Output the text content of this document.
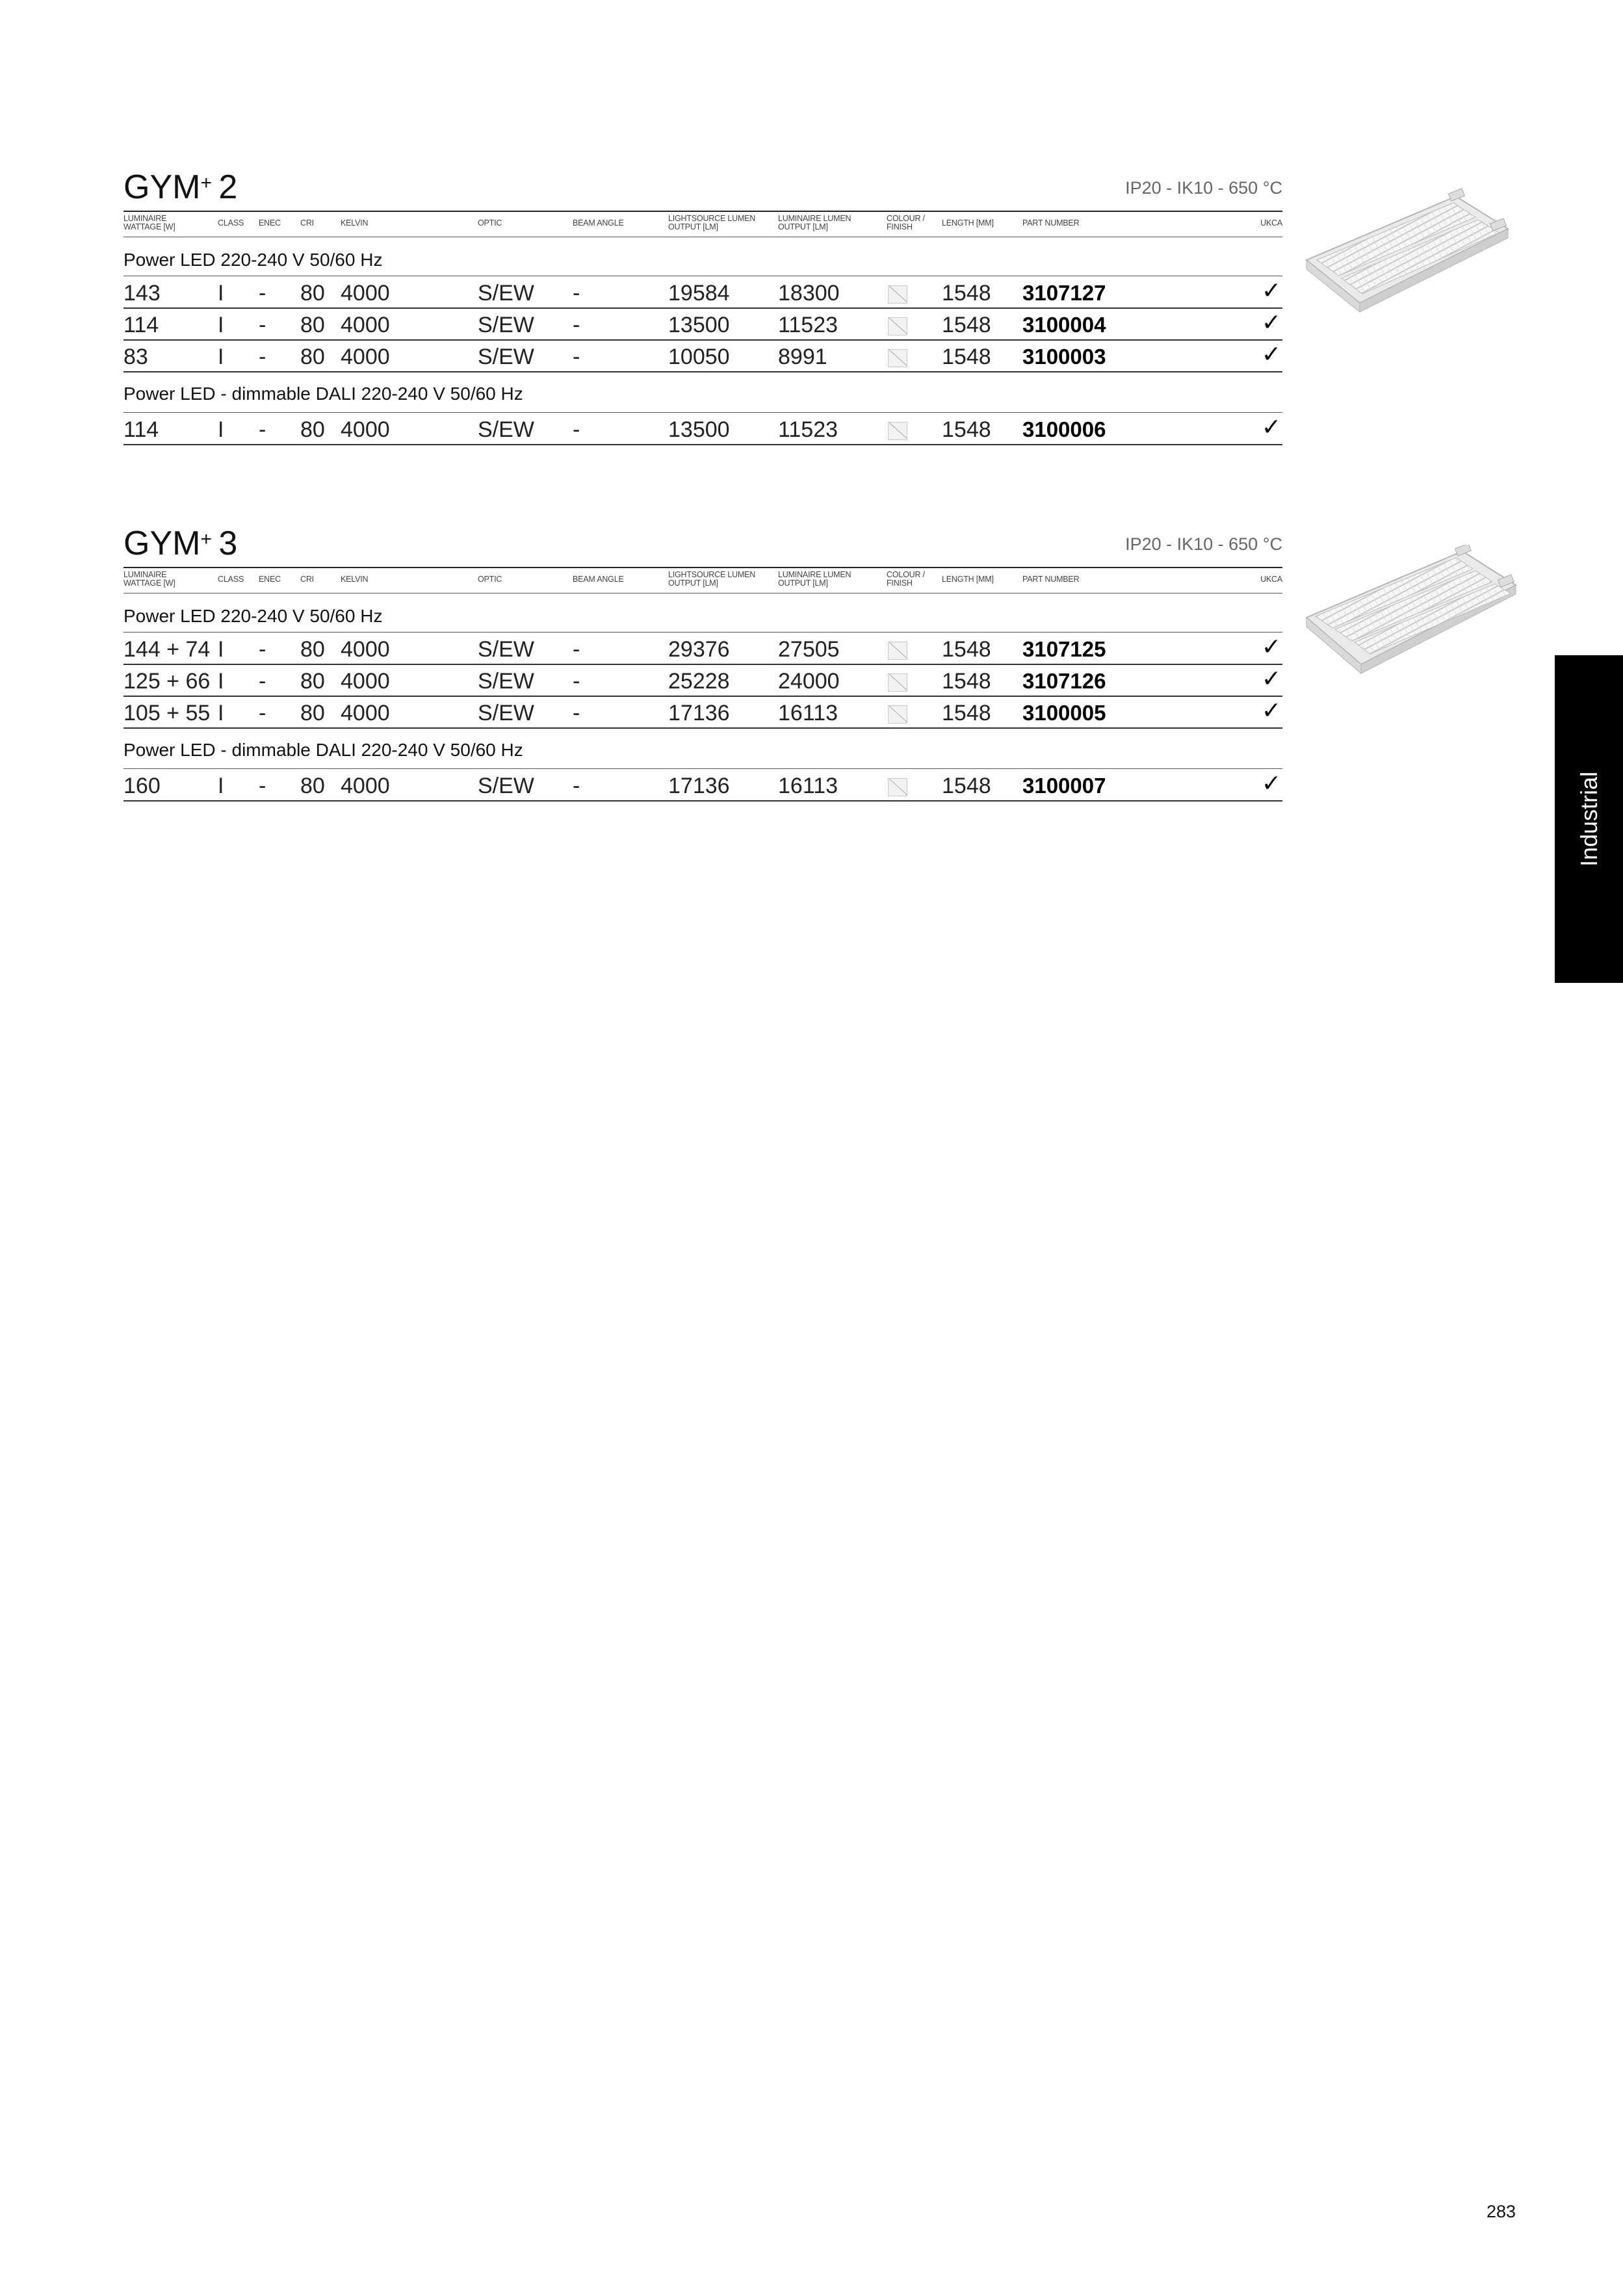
GYM+  2	IP20 - IK10 - 650 °C
LUMINAIRE
WATTAGE [W]	CLASS ENEC CRI	KELVIN	OPTIC	BEAM ANGLE	LIGHTSOURCE LUMEN
OUTPUT [LM]
LUMINAIRE LUMEN
OUTPUT [LM]
COLOUR /
FINISH	LENGTH [MM]	PART NUMBER	UKCA
Power LED 220-240 V 50/60 Hz
143	I - 80 4000	S/EW -	19584 18300	1548 3107127	✓
114	I - 80 4000	S/EW -	13500 11523	1548 3100004	✓
83	I - 80 4000	S/EW -	10050 8991	1548 3100003	✓
Power LED - dimmable DALI 220-240 V 50/60 Hz
114	I - 80 4000	S/EW -	13500 11523	1548 3100006	✓
GYM+  3	IP20 - IK10 - 650 °C
LUMINAIRE
WATTAGE [W]	CLASS ENEC CRI	KELVIN	OPTIC	BEAM ANGLE	LIGHTSOURCE LUMEN
OUTPUT [LM]
LUMINAIRE LUMEN
OUTPUT [LM]
COLOUR /
FINISH	LENGTH [MM]	PART NUMBER	UKCA
Power LED 220-240 V 50/60 Hz
144 + 74 I - 80 4000	S/EW -	29376 27505	1548 3107125	✓
125 + 66 I - 80 4000	S/EW -	25228 24000	1548 3107126	✓
105 + 55 I - 80 4000	S/EW -	17136 16113	1548 3100005	✓
Power LED - dimmable DALI 220-240 V 50/60 Hz
160	I - 80 4000	S/EW -	17136 16113	1548 3100007	✓	Industrial
283
